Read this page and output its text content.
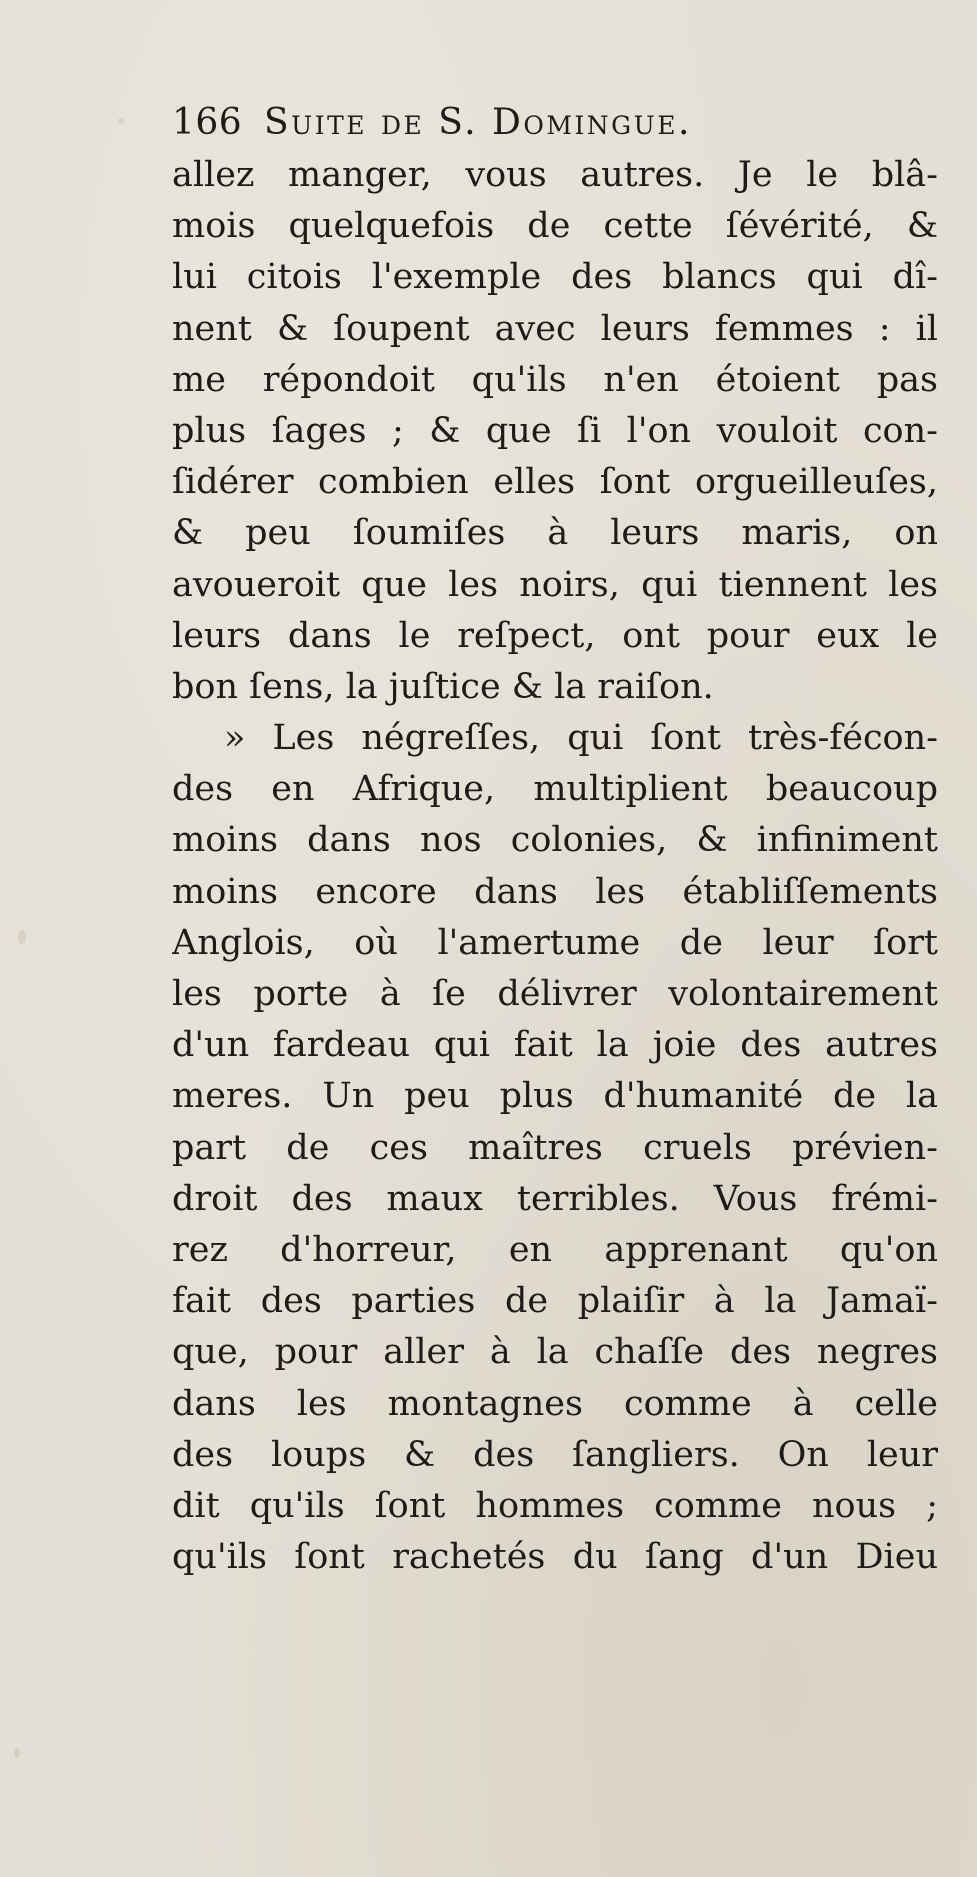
166 Suite de S. Domingue.
allez manger, vous autres. Je le blâ-
mois quelquefois de cette ſévérité, &
lui citois l'exemple des blancs qui dî-
nent & ſoupent avec leurs femmes : il
me répondoit qu'ils n'en étoient pas
plus ſages ; & que ſi l'on vouloit con-
ſidérer combien elles ſont orgueilleuſes,
& peu ſoumiſes à leurs maris, on
avoueroit que les noirs, qui tiennent les
leurs dans le reſpect, ont pour eux le
bon ſens, la juſtice & la raiſon.
» Les négreſſes, qui ſont très-fécon-
des en Afrique, multiplient beaucoup
moins dans nos colonies, & infiniment
moins encore dans les établiſſements
Anglois, où l'amertume de leur ſort
les porte à ſe délivrer volontairement
d'un fardeau qui fait la joie des autres
meres. Un peu plus d'humanité de la
part de ces maîtres cruels prévien-
droit des maux terribles. Vous frémi-
rez d'horreur, en apprenant qu'on
fait des parties de plaiſir à la Jamaï-
que, pour aller à la chaſſe des negres
dans les montagnes comme à celle
des loups & des ſangliers. On leur
dit qu'ils ſont hommes comme nous ;
qu'ils ſont rachetés du ſang d'un Dieu
